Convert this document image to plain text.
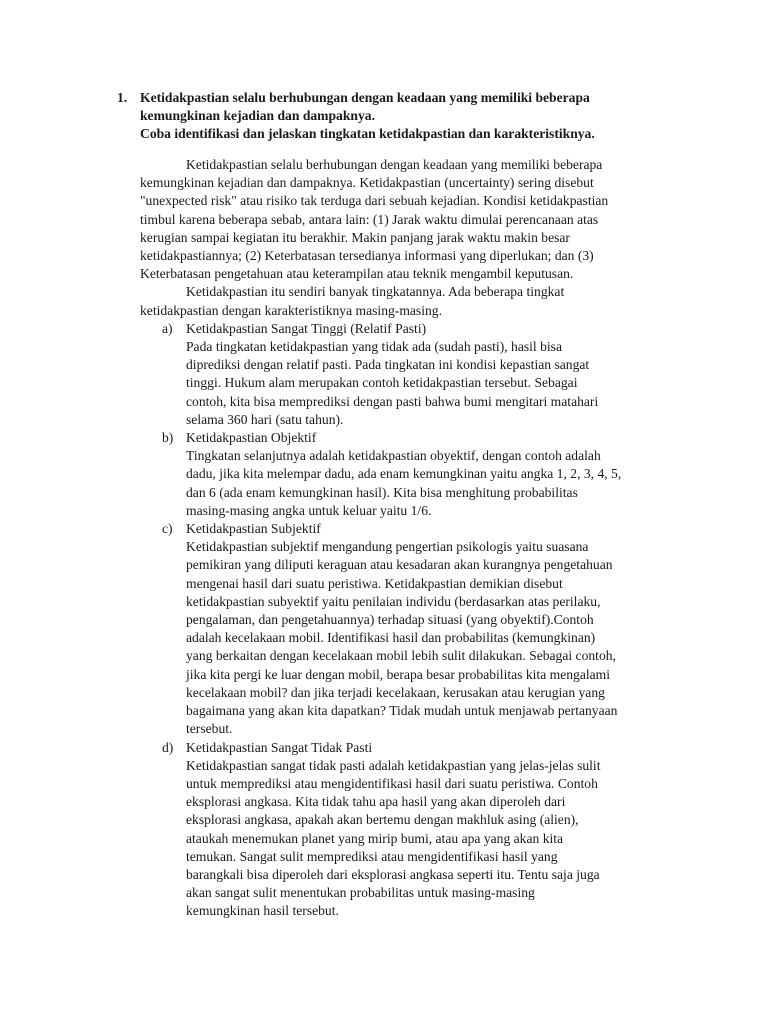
1. Ketidakpastian selalu berhubungan dengan keadaan yang memiliki beberapa
kemungkinan kejadian dan dampaknya.
Coba identifikasi dan jelaskan tingkatan ketidakpastian dan karakteristiknya.

Ketidakpastian selalu berhubungan dengan keadaan yang memiliki beberapa
kemungkinan kejadian dan dampaknya. Ketidakpastian (uncertainty) sering disebut
"unexpected risk" atau risiko tak terduga dari sebuah kejadian. Kondisi ketidakpastian
timbul karena beberapa sebab, antara lain: (1) Jarak waktu dimulai perencanaan atas
kerugian sampai kegiatan itu berakhir. Makin panjang jarak waktu makin besar
ketidakpastiannya; (2) Keterbatasan tersedianya informasi yang diperlukan; dan (3)
Keterbatasan pengetahuan atau keterampilan atau teknik mengambil keputusan.

Ketidakpastian itu sendiri banyak tingkatannya. Ada beberapa tingkat
ketidakpastian dengan karakteristiknya masing-masing.

a) Ketidakpastian Sangat Tinggi (Relatif Pasti)
Pada tingkatan ketidakpastian yang tidak ada (sudah pasti), hasil bisa
diprediksi dengan relatif pasti. Pada tingkatan ini kondisi kepastian sangat
tinggi. Hukum alam merupakan contoh ketidakpastian tersebut. Sebagai
contoh, kita bisa memprediksi dengan pasti bahwa bumi mengitari matahari
selama 360 hari (satu tahun).
b) Ketidakpastian Objektif
Tingkatan selanjutnya adalah ketidakpastian obyektif, dengan contoh adalah
dadu, jika kita melempar dadu, ada enam kemungkinan yaitu angka 1, 2, 3, 4, 5,
dan 6 (ada enam kemungkinan hasil). Kita bisa menghitung probabilitas
masing-masing angka untuk keluar yaitu 1/6.
c) Ketidakpastian Subjektif
Ketidakpastian subjektif mengandung pengertian psikologis yaitu suasana
pemikiran yang diliputi keraguan atau kesadaran akan kurangnya pengetahuan
mengenai hasil dari suatu peristiwa. Ketidakpastian demikian disebut
ketidakpastian subyektif yaitu penilaian individu (berdasarkan atas perilaku,
pengalaman, dan pengetahuannya) terhadap situasi (yang obyektif).Contoh
adalah kecelakaan mobil. Identifikasi hasil dan probabilitas (kemungkinan)
yang berkaitan dengan kecelakaan mobil lebih sulit dilakukan. Sebagai contoh,
jika kita pergi ke luar dengan mobil, berapa besar probabilitas kita mengalami
kecelakaan mobil? dan jika terjadi kecelakaan, kerusakan atau kerugian yang
bagaimana yang akan kita dapatkan? Tidak mudah untuk menjawab pertanyaan
tersebut.
d) Ketidakpastian Sangat Tidak Pasti
Ketidakpastian sangat tidak pasti adalah ketidakpastian yang jelas-jelas sulit
untuk memprediksi atau mengidentifikasi hasil dari suatu peristiwa. Contoh
eksplorasi angkasa. Kita tidak tahu apa hasil yang akan diperoleh dari
eksplorasi angkasa, apakah akan bertemu dengan makhluk asing (alien),
ataukah menemukan planet yang mirip bumi, atau apa yang akan kita
temukan. Sangat sulit memprediksi atau mengidentifikasi hasil yang
barangkali bisa diperoleh dari eksplorasi angkasa seperti itu. Tentu saja juga
akan sangat sulit menentukan probabilitas untuk masing-masing
kemungkinan hasil tersebut.
